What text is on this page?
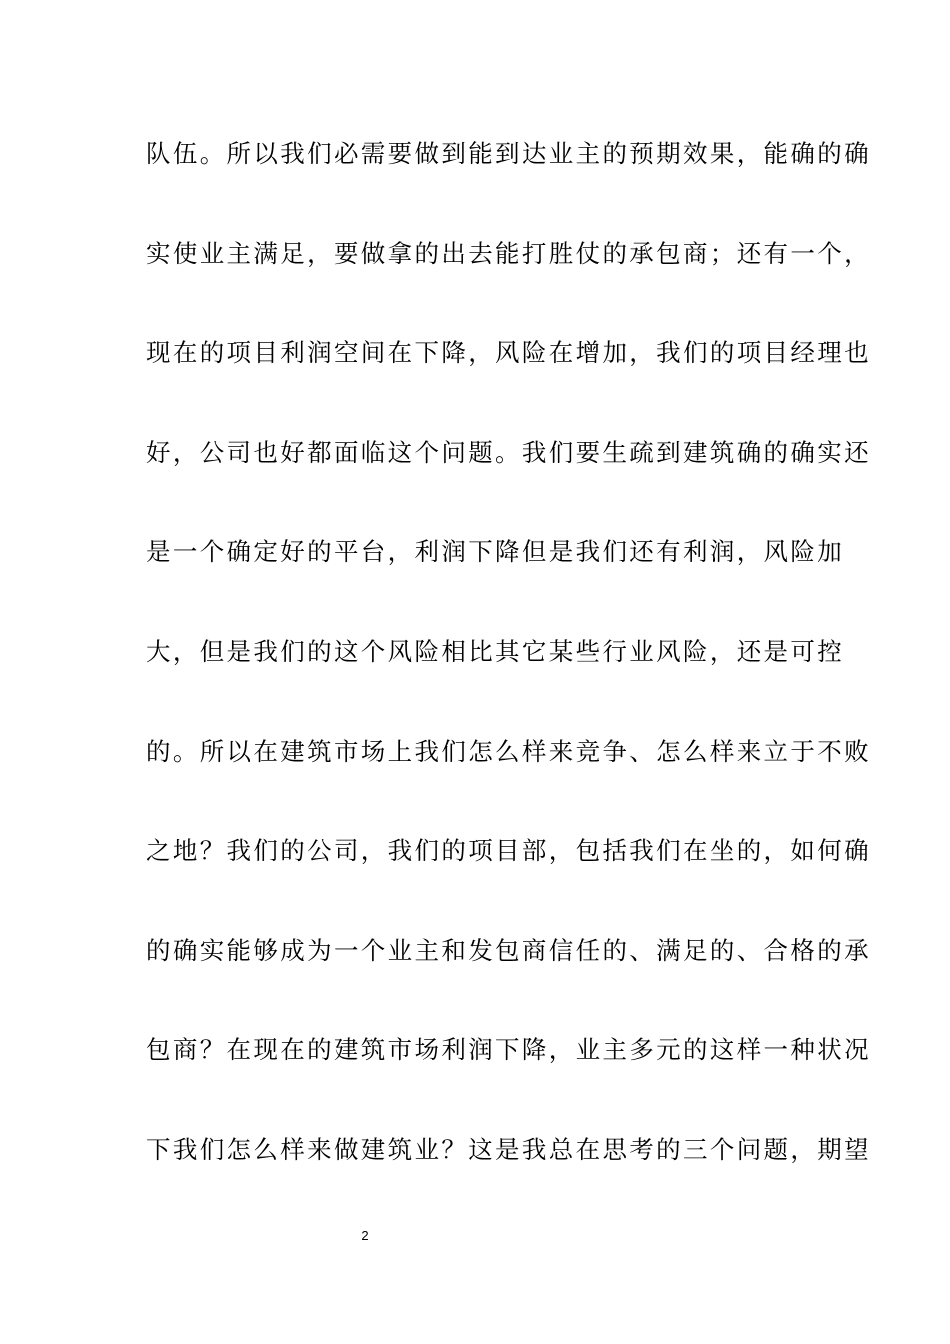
队伍。所以我们必需要做到能到达业主的预期效果，能确的确
实使业主满足，要做拿的出去能打胜仗的承包商；还有一个，
现在的项目利润空间在下降，风险在增加，我们的项目经理也
好，公司也好都面临这个问题。我们要生疏到建筑确的确实还
是一个确定好的平台，利润下降但是我们还有利润，风险加
大，但是我们的这个风险相比其它某些行业风险，还是可控
的。所以在建筑市场上我们怎么样来竞争、怎么样来立于不败
之地？我们的公司，我们的项目部，包括我们在坐的，如何确
的确实能够成为一个业主和发包商信任的、满足的、合格的承
包商？在现在的建筑市场利润下降，业主多元的这样一种状况
下我们怎么样来做建筑业？这是我总在思考的三个问题，期望
2
